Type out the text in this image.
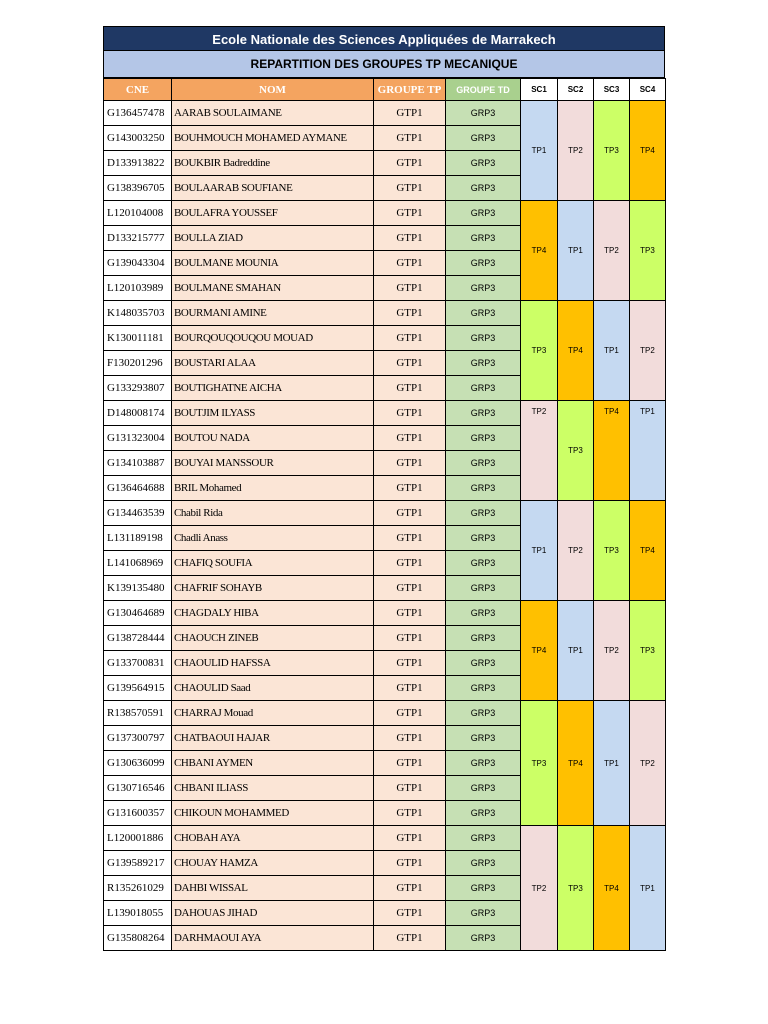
Ecole Nationale des Sciences Appliquées de Marrakech
REPARTITION DES GROUPES TP MECANIQUE
CNE	NOM	GROUPE TP	GROUPE TD	SC1	SC2	SC3	SC4
G136457478	AARAB SOULAIMANE	GTP1	GRP3	TP1	TP2	TP3	TP4
G143003250	BOUHMOUCH MOHAMED AYMANE	GTP1	GRP3				
D133913822	BOUKBIR Badreddine	GTP1	GRP3				
G138396705	BOULAARAB SOUFIANE	GTP1	GRP3				
L120104008	BOULAFRA YOUSSEF	GTP1	GRP3	TP4	TP1	TP2	TP3
D133215777	BOULLA ZIAD	GTP1	GRP3				
G139043304	BOULMANE MOUNIA	GTP1	GRP3				
L120103989	BOULMANE SMAHAN	GTP1	GRP3				
K148035703	BOURMANI AMINE	GTP1	GRP3	TP3	TP4	TP1	TP2
K130011181	BOURQOUQOUQOU MOUAD	GTP1	GRP3				
F130201296	BOUSTARI ALAA	GTP1	GRP3				
G133293807	BOUTIGHATNE AICHA	GTP1	GRP3				
D148008174	BOUTJIM ILYASS	GTP1	GRP3	TP2	TP3	TP4	TP1
G131323004	BOUTOU NADA	GTP1	GRP3				
G134103887	BOUYAI MANSSOUR	GTP1	GRP3				
G136464688	BRIL Mohamed	GTP1	GRP3				
G134463539	Chabil Rida	GTP1	GRP3	TP1	TP2	TP3	TP4
L131189198	Chadli Anass	GTP1	GRP3				
L141068969	CHAFIQ SOUFIA	GTP1	GRP3				
K139135480	CHAFRIF SOHAYB	GTP1	GRP3				
G130464689	CHAGDALY HIBA	GTP1	GRP3	TP4	TP1	TP2	TP3
G138728444	CHAOUCH ZINEB	GTP1	GRP3				
G133700831	CHAOULID HAFSSA	GTP1	GRP3				
G139564915	CHAOULID Saad	GTP1	GRP3				
R138570591	CHARRAJ Mouad	GTP1	GRP3	TP3	TP4	TP1	TP2
G137300797	CHATBAOUI HAJAR	GTP1	GRP3				
G130636099	CHBANI AYMEN	GTP1	GRP3				
G130716546	CHBANI ILIASS	GTP1	GRP3				
G131600357	CHIKOUN MOHAMMED	GTP1	GRP3				
L120001886	CHOBAH AYA	GTP1	GRP3	TP2	TP3	TP4	TP1
G139589217	CHOUAY HAMZA	GTP1	GRP3				
R135261029	DAHBI WISSAL	GTP1	GRP3				
L139018055	DAHOUAS JIHAD	GTP1	GRP3				
G135808264	DARHMAOUI AYA	GTP1	GRP3				
